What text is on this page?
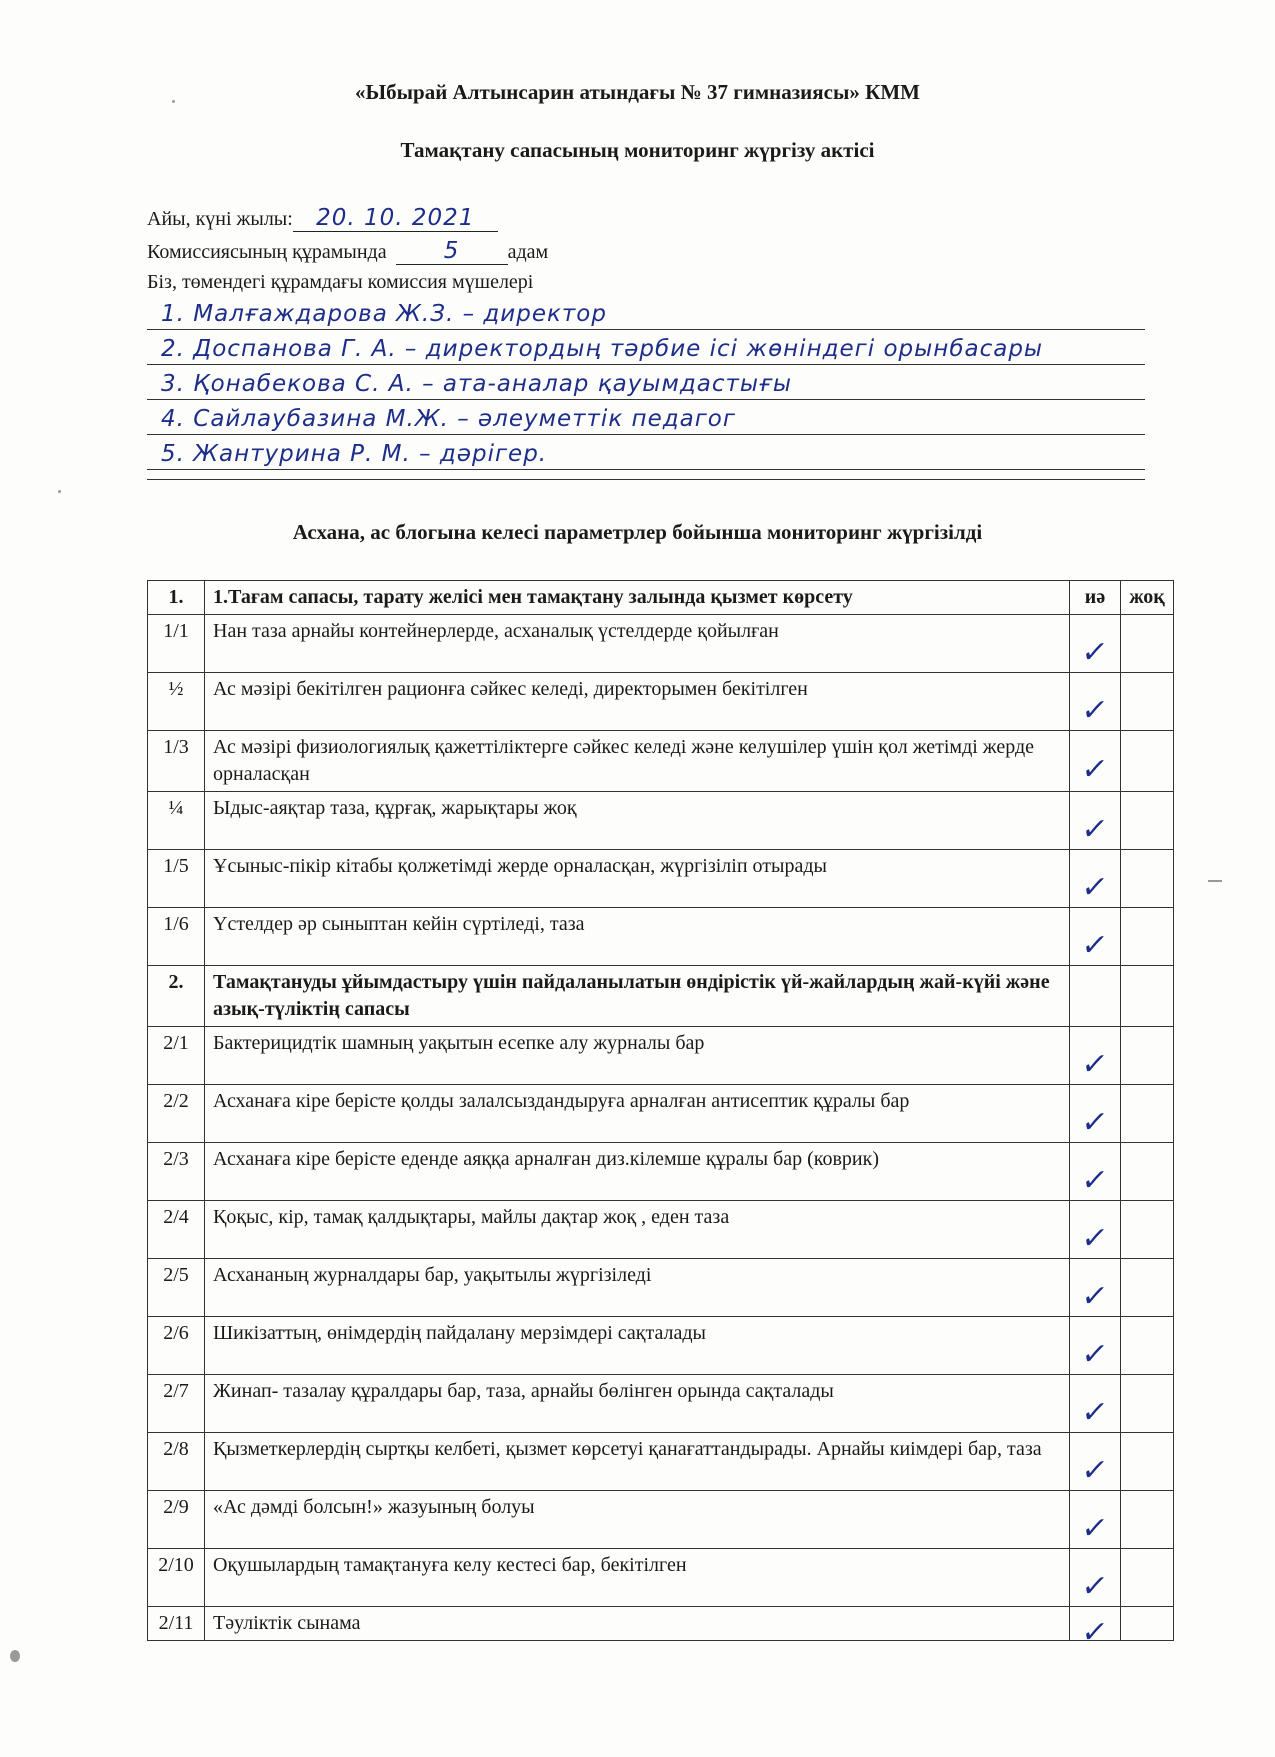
«Ыбырай Алтынсарин атындағы № 37 гимназиясы» КММ
Тамақтану сапасының мониторинг жүргізу актісі
Айы, күні жылы: 20. 10. 2021
Комиссиясының құрамында 5 адам
Біз, төмендегі құрамдағы комиссия мүшелері
1. Малғаждарова Ж.З. – директор
2. Доспанова Г. А. – директордың тәрбие ісі жөніндегі орынбасары
3. Қонабекова С. А. – ата-аналар қауымдастығы
4. Сайлаубазина М.Ж. – әлеуметтік педагог
5. Жантурина Р. М. – дәрігер.
Асхана, ас блогына келесі параметрлер бойынша мониторинг жүргізілді
1.	1.Тағам сапасы, тарату желісі мен тамақтану залында қызмет көрсету	иә	жоқ
1/1	Нан таза арнайы контейнерлерде, асханалық үстелдерде қойылған	✓	
½	Ас мәзірі бекітілген рационға сәйкес келеді, директорымен бекітілген	✓	
1/3	Ас мәзірі физиологиялық қажеттіліктерге сәйкес келеді және келушілер үшін қол жетімді жерде орналасқан	✓	
¼	Ыдыс-аяқтар таза, құрғақ, жарықтары жоқ	✓	
1/5	Ұсыныс-пікір кітабы қолжетімді жерде орналасқан, жүргізіліп отырады	✓	
1/6	Үстелдер әр сыныптан кейін сүртіледі, таза	✓	
2.	Тамақтануды ұйымдастыру үшін пайдаланылатын өндірістік үй-жайлардың жай-күйі және азық-түліктің сапасы		
2/1	Бактерицидтік шамның уақытын есепке алу журналы бар	✓	
2/2	Асханаға кіре берісте қолды залалсыздандыруға арналған антисептик құралы бар	✓	
2/3	Асханаға кіре берісте еденде аяққа арналған диз.кілемше құралы бар (коврик)	✓	
2/4	Қоқыс, кір, тамақ қалдықтары, майлы дақтар жоқ , еден таза	✓	
2/5	Асхананың журналдары бар, уақытылы жүргізіледі	✓	
2/6	Шикізаттың, өнімдердің пайдалану мерзімдері сақталады	✓	
2/7	Жинап- тазалау құралдары бар, таза, арнайы бөлінген орында сақталады	✓	
2/8	Қызметкерлердің сыртқы келбеті, қызмет көрсетуі қанағаттандырады. Арнайы киімдері бар, таза	✓	
2/9	«Ас дәмді болсын!» жазуының болуы	✓	
2/10	Оқушылардың тамақтануға келу кестесі бар, бекітілген	✓	
2/11	Тәуліктік сынама	✓	
